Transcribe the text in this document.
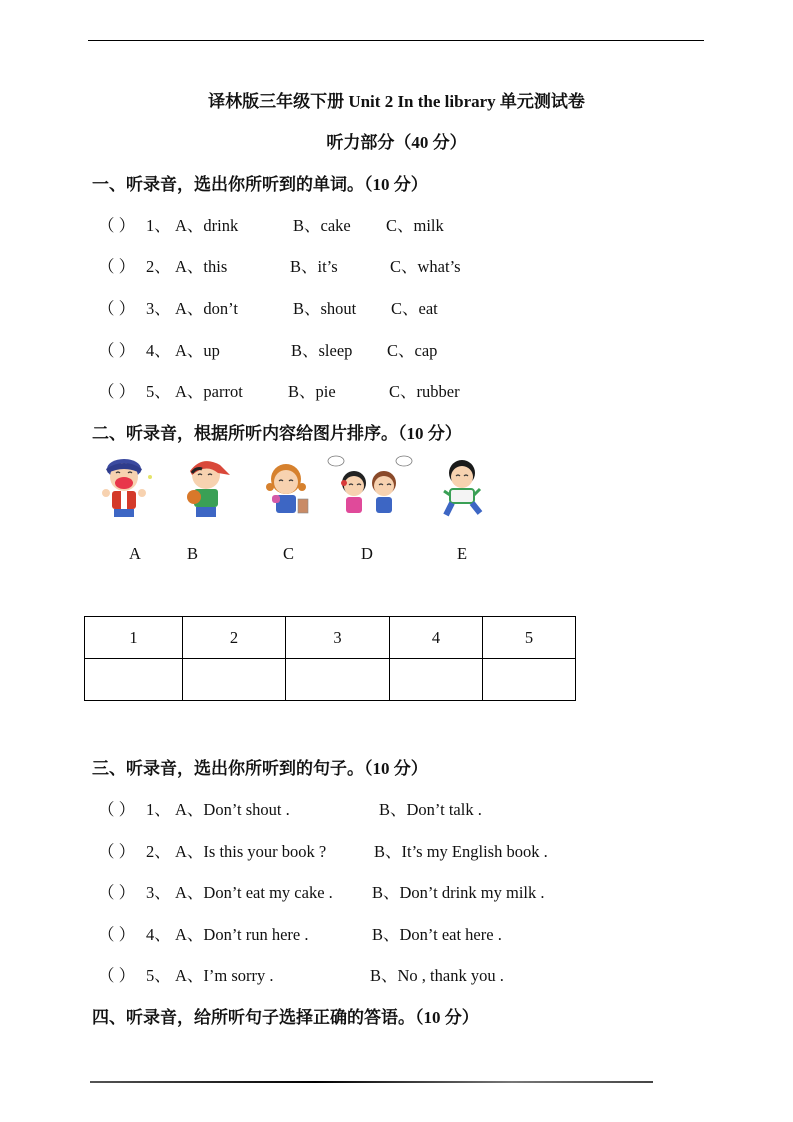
译林版三年级下册 Unit 2 In the library 单元测试卷
听力部分（40 分）
一、听录音，选出你所听到的单词。（10 分）
（ ） 1、 A、drink	B、cake C、milk
（ ） 2、 A、this	B、it’s	C、what’s
（ ） 3、 A、don’t	B、shout C、eat
（ ） 4、 A、up	B、sleep C、cap
（ ） 5、 A、parrot	B、pie	C、rubber
二、听录音，根据所听内容给图片排序。（10 分）
A	B	C	D	E
1	2	3	4	5

三、听录音，选出你所听到的句子。（10 分）
（ ） 1、 A、Don’t shout .	B、Don’t talk .
（ ） 2、 A、Is this your book ?	B、It’s my English book .
（ ） 3、 A、Don’t eat my cake . B、Don’t drink my milk .
（ ） 4、 A、Don’t run here .	B、Don’t eat here .
（ ） 5、 A、I’m sorry .	B、No , thank you .
四、听录音，给所听句子选择正确的答语。（10 分）
